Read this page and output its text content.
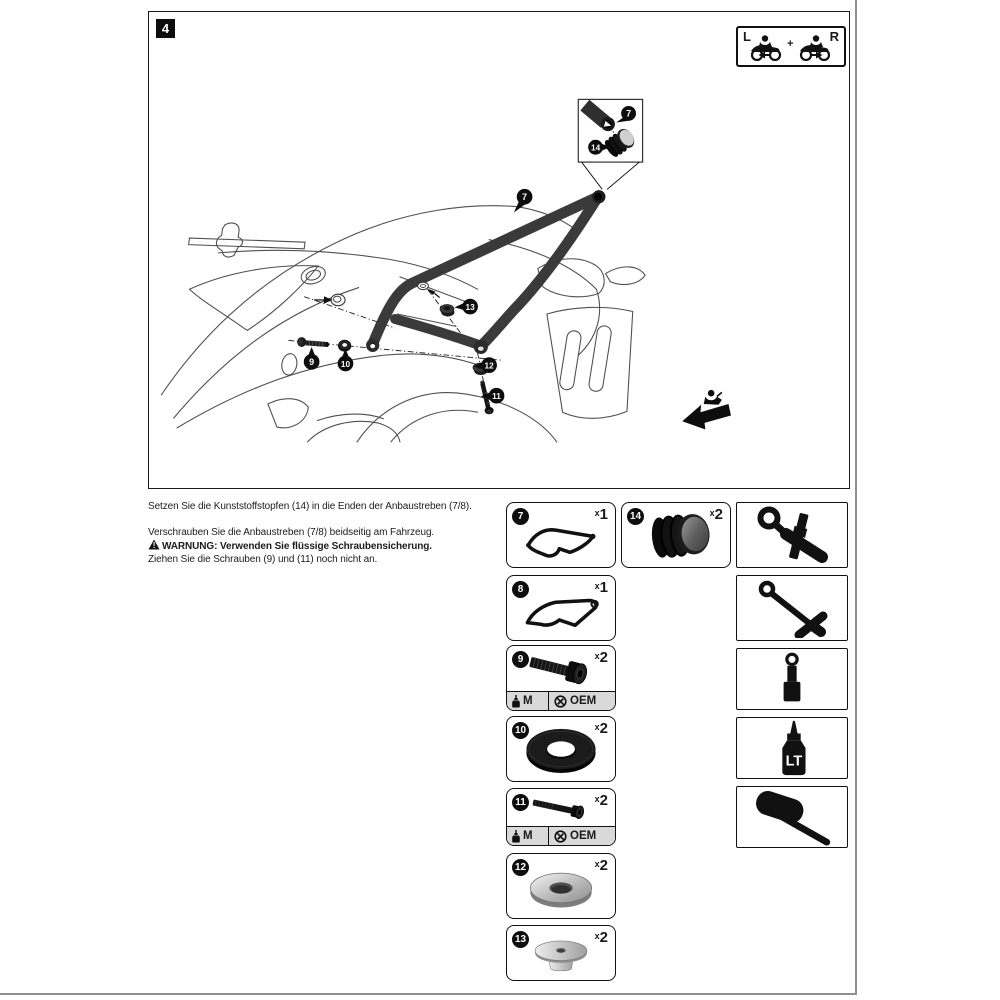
7
9	10
13
12
11
7
14
4
L	R
+

Setzen Sie die Kunststoffstopfen (14) in die Enden der Anbaustreben (7/8).

Verschrauben Sie die Anbaustreben (7/8) beidseitig am Fahrzeug.

! WARNUNG: Verwenden Sie flüssige Schraubensicherung.

Ziehen Sie die Schrauben (9) und (11) noch nicht an.

7	x1 14	x2
8	x1
9	x2
M	OEM
10	x2
11	x2
M	OEM
12	x2
13	x2
LT
